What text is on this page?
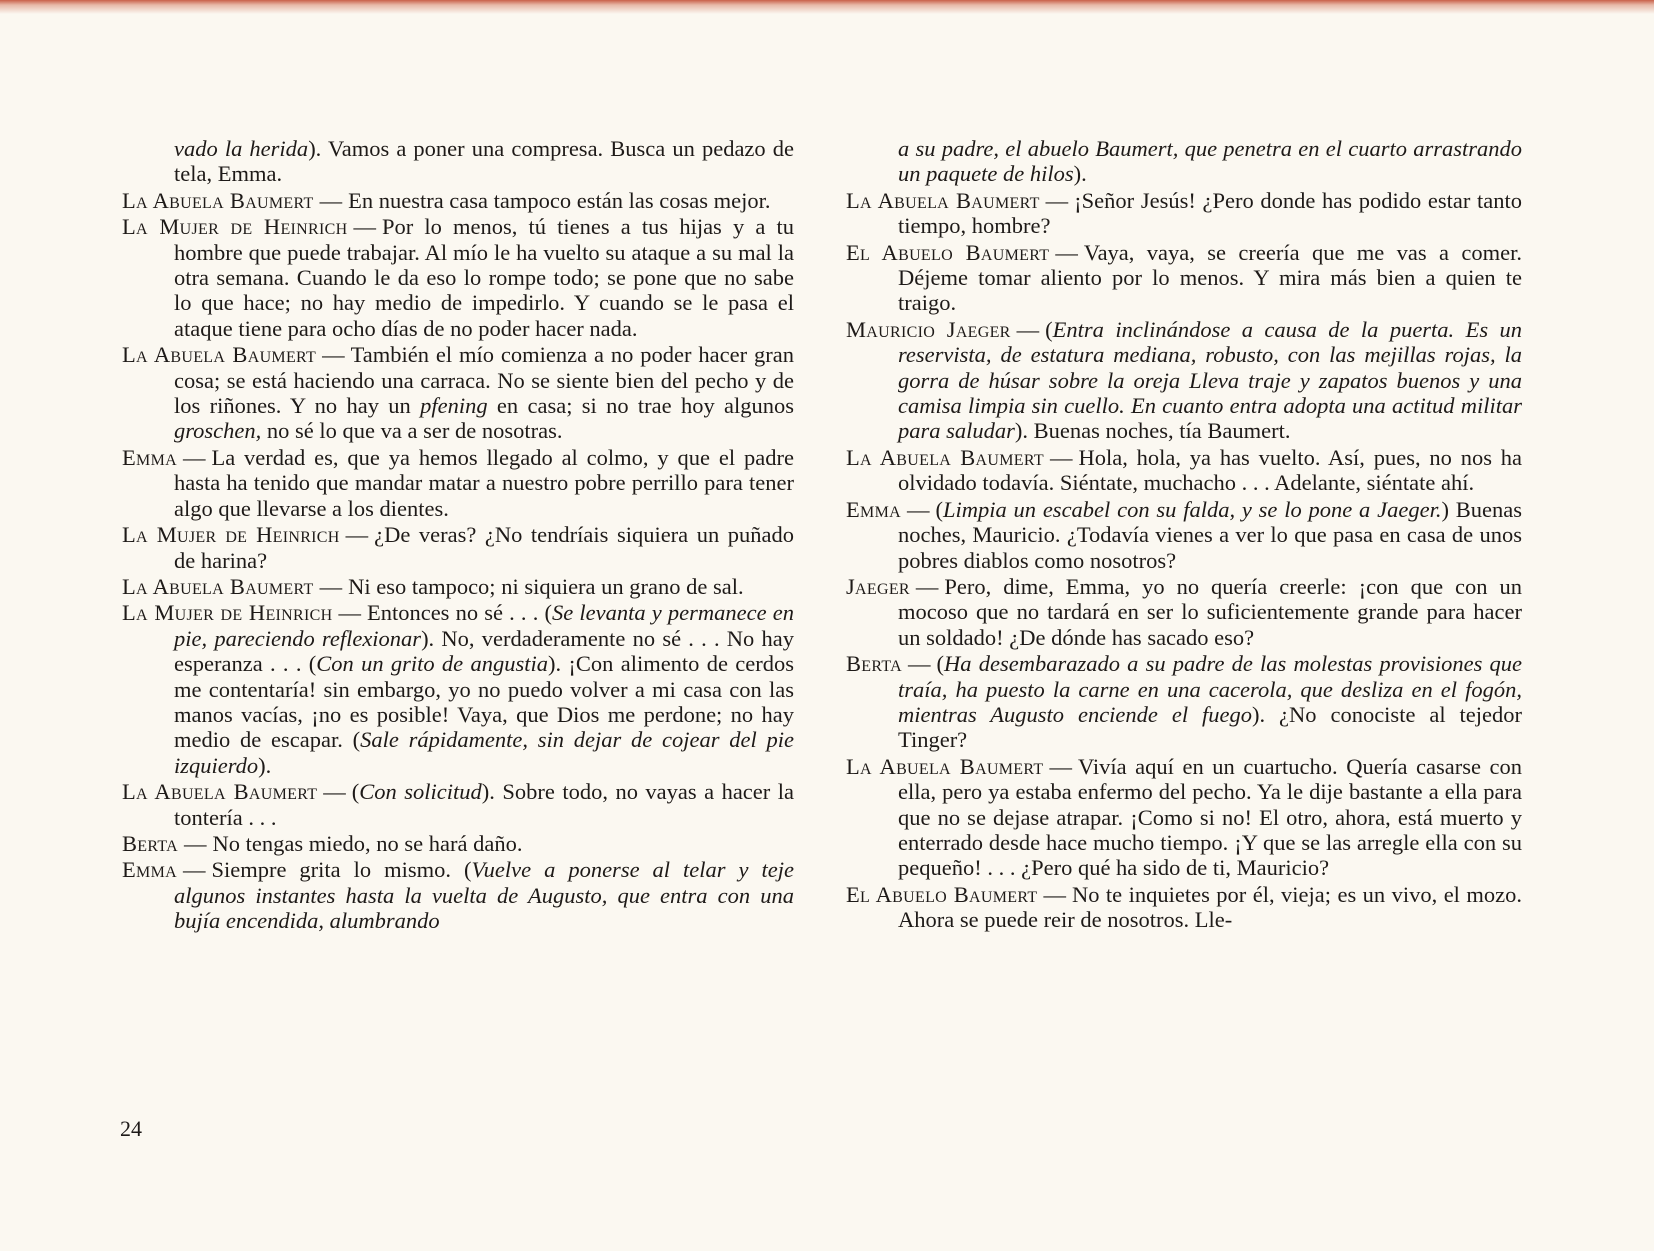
vado la herida). Vamos a poner una compresa. Busca un pedazo de tela, Emma.

La Abuela Baumert — En nuestra casa tampoco están las cosas mejor.

La Mujer de Heinrich — Por lo menos, tú tienes a tus hijas y a tu hombre que puede trabajar. Al mío le ha vuelto su ataque a su mal la otra semana. Cuando le da eso lo rompe todo; se pone que no sabe lo que hace; no hay medio de impedirlo. Y cuando se le pasa el ataque tiene para ocho días de no poder hacer nada.

La Abuela Baumert — También el mío comienza a no poder hacer gran cosa; se está haciendo una carraca. No se siente bien del pecho y de los riñones. Y no hay un pfening en casa; si no trae hoy algunos groschen, no sé lo que va a ser de nosotras.

Emma — La verdad es, que ya hemos llegado al colmo, y que el padre hasta ha tenido que mandar matar a nuestro pobre perrillo para tener algo que llevarse a los dientes.

La Mujer de Heinrich — ¿De veras? ¿No tendríais siquiera un puñado de harina?

La Abuela Baumert — Ni eso tampoco; ni siquiera un grano de sal.

La Mujer de Heinrich — Entonces no sé . . . (Se levanta y permanece en pie, pareciendo reflexionar). No, verdaderamente no sé . . . No hay esperanza . . . (Con un grito de angustia). ¡Con alimento de cerdos me contentaría! sin embargo, yo no puedo volver a mi casa con las manos vacías, ¡no es posible! Vaya, que Dios me perdone; no hay medio de escapar. (Sale rápidamente, sin dejar de cojear del pie izquierdo).

La Abuela Baumert — (Con solicitud). Sobre todo, no vayas a hacer la tontería . . .

Berta — No tengas miedo, no se hará daño.

Emma — Siempre grita lo mismo. (Vuelve a ponerse al telar y teje algunos instantes hasta la vuelta de Augusto, que entra con una bujía encendida, alumbrando

a su padre, el abuelo Baumert, que penetra en el cuarto arrastrando un paquete de hilos).

La Abuela Baumert — ¡Señor Jesús! ¿Pero donde has podido estar tanto tiempo, hombre?

El Abuelo Baumert — Vaya, vaya, se creería que me vas a comer. Déjeme tomar aliento por lo menos. Y mira más bien a quien te traigo.

Mauricio Jaeger — (Entra inclinándose a causa de la puerta. Es un reservista, de estatura mediana, robusto, con las mejillas rojas, la gorra de húsar sobre la oreja Lleva traje y zapatos buenos y una camisa limpia sin cuello. En cuanto entra adopta una actitud militar para saludar). Buenas noches, tía Baumert.

La Abuela Baumert — Hola, hola, ya has vuelto. Así, pues, no nos ha olvidado todavía. Siéntate, muchacho . . . Adelante, siéntate ahí.

Emma — (Limpia un escabel con su falda, y se lo pone a Jaeger.) Buenas noches, Mauricio. ¿Todavía vienes a ver lo que pasa en casa de unos pobres diablos como nosotros?

Jaeger — Pero, dime, Emma, yo no quería creerle: ¡con que con un mocoso que no tardará en ser lo suficientemente grande para hacer un soldado! ¿De dónde has sacado eso?

Berta — (Ha desembarazado a su padre de las molestas provisiones que traía, ha puesto la carne en una cacerola, que desliza en el fogón, mientras Augusto enciende el fuego). ¿No conociste al tejedor Tinger?

La Abuela Baumert — Vivía aquí en un cuartucho. Quería casarse con ella, pero ya estaba enfermo del pecho. Ya le dije bastante a ella para que no se dejase atrapar. ¡Como si no! El otro, ahora, está muerto y enterrado desde hace mucho tiempo. ¡Y que se las arregle ella con su pequeño! . . . ¿Pero qué ha sido de ti, Mauricio?

El Abuelo Baumert — No te inquietes por él, vieja; es un vivo, el mozo. Ahora se puede reir de nosotros. Lle-

24
